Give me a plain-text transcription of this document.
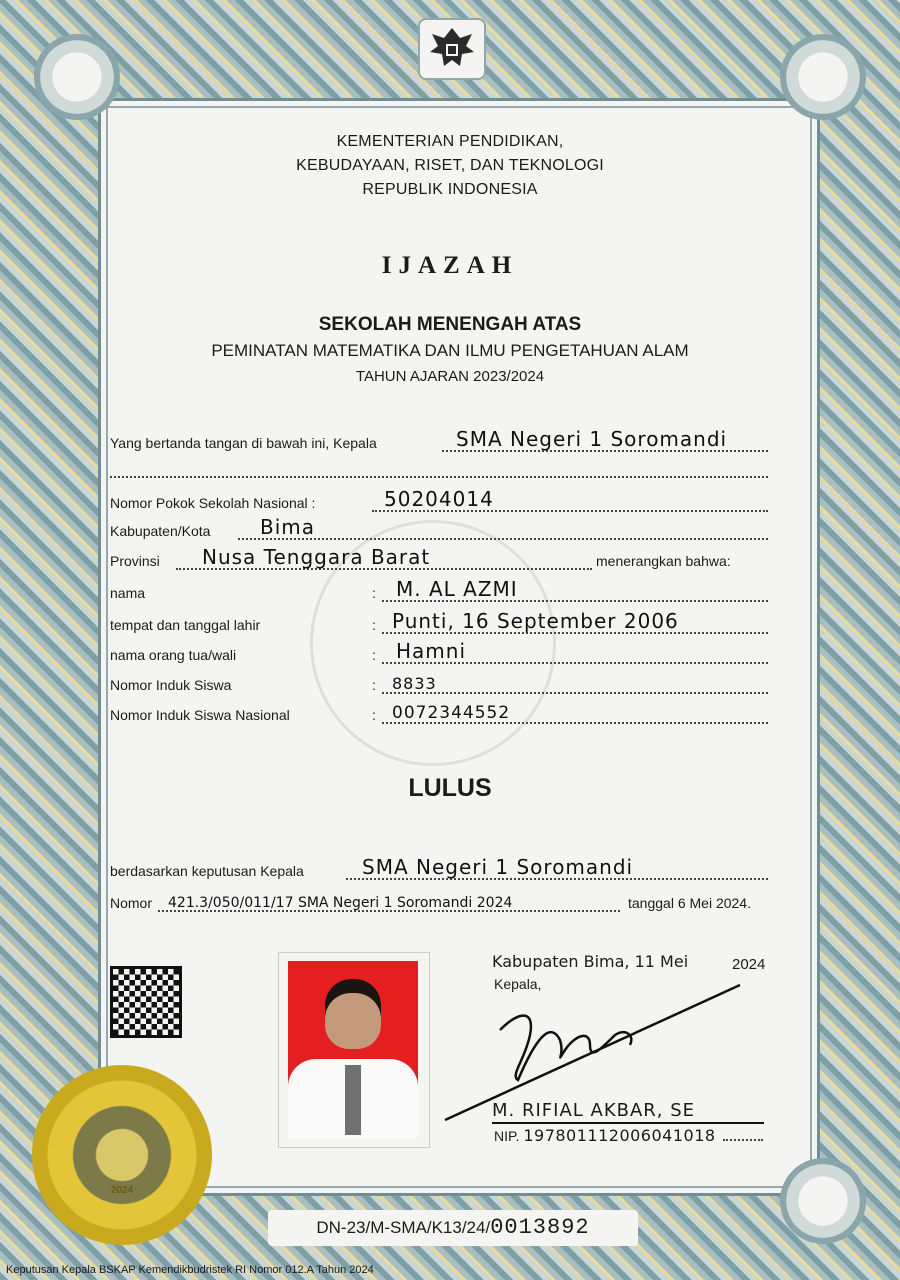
KEMENTERIAN PENDIDIKAN,
KEBUDAYAAN, RISET, DAN TEKNOLOGI
REPUBLIK INDONESIA
IJAZAH
SEKOLAH MENENGAH ATAS
PEMINATAN MATEMATIKA DAN ILMU PENGETAHUAN ALAM
TAHUN AJARAN 2023/2024
Yang bertanda tangan di bawah ini, Kepala	SMA Negeri 1 Soromandi
Nomor Pokok Sekolah Nasional :	50204014
Kabupaten/Kota Bima
Provinsi Nusa Tenggara Barat	menerangkan bahwa:
nama	: M. AL AZMI
tempat dan tanggal lahir	: Punti, 16 September 2006
nama orang tua/wali	: Hamni
Nomor Induk Siswa	: 8833
Nomor Induk Siswa Nasional	: 0072344552
LULUS
berdasarkan keputusan Kepala	SMA Negeri 1 Soromandi
Nomor 421.3/050/011/17 SMA Negeri 1 Soromandi 2024	tanggal 6 Mei 2024.
Kabupaten Bima, 11 Mei	2024
Kepala,
M. RIFIAL AKBAR, SE
NIP. 197801112006041018
2024
DN-23/M-SMA/K13/24/0013892
Keputusan Kepala BSKAP Kemendikbudristek RI Nomor 012.A Tahun 2024
